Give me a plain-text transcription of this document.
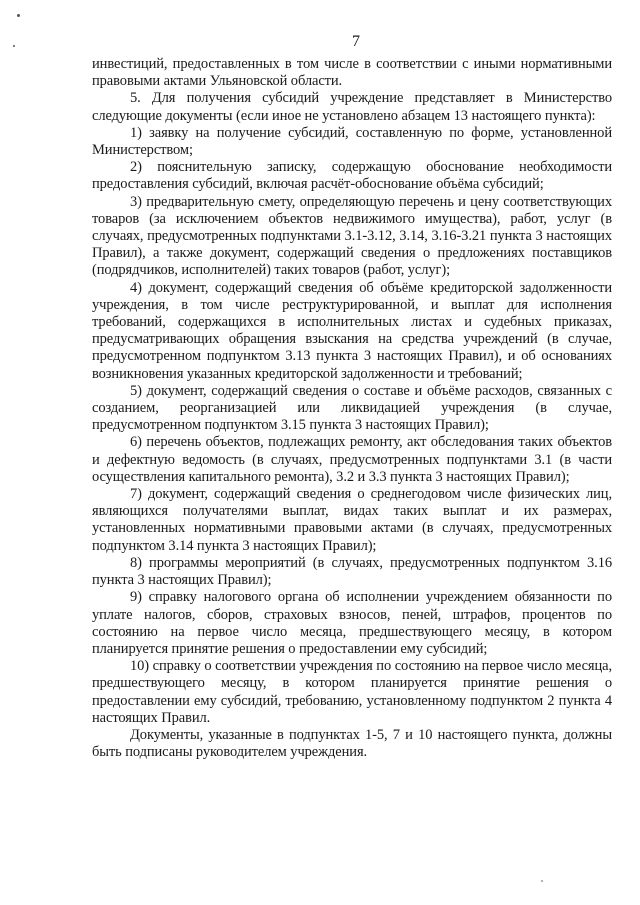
7

инвестиций, предоставленных в том числе в соответствии с иными нормативными правовыми актами Ульяновской области.

5. Для получения субсидий учреждение представляет в Министерство следующие документы (если иное не установлено абзацем 13 настоящего пункта):

1) заявку на получение субсидий, составленную по форме, установленной Министерством;

2) пояснительную записку, содержащую обоснование необходимости предоставления субсидий, включая расчёт-обоснование объёма субсидий;

3) предварительную смету, определяющую перечень и цену соответствующих товаров (за исключением объектов недвижимого имущества), работ, услуг (в случаях, предусмотренных подпунктами 3.1-3.12, 3.14, 3.16-3.21 пункта 3 настоящих Правил), а также документ, содержащий сведения о предложениях поставщиков (подрядчиков, исполнителей) таких товаров (работ, услуг);

4) документ, содержащий сведения об объёме кредиторской задолженности учреждения, в том числе реструктурированной, и выплат для исполнения требований, содержащихся в исполнительных листах и судебных приказах, предусматривающих обращения взыскания на средства учреждений (в случае, предусмотренном подпунктом 3.13 пункта 3 настоящих Правил), и об основаниях возникновения указанных кредиторской задолженности и требований;

5) документ, содержащий сведения о составе и объёме расходов, связанных с созданием, реорганизацией или ликвидацией учреждения (в случае, предусмотренном подпунктом 3.15 пункта 3 настоящих Правил);

6) перечень объектов, подлежащих ремонту, акт обследования таких объектов и дефектную ведомость (в случаях, предусмотренных подпунктами 3.1 (в части осуществления капитального ремонта), 3.2 и 3.3 пункта 3 настоящих Правил);

7) документ, содержащий сведения о среднегодовом числе физических лиц, являющихся получателями выплат, видах таких выплат и их размерах, установленных нормативными правовыми актами (в случаях, предусмотренных подпунктом 3.14 пункта 3 настоящих Правил);

8) программы мероприятий (в случаях, предусмотренных подпунктом 3.16 пункта 3 настоящих Правил);

9) справку налогового органа об исполнении учреждением обязанности по уплате налогов, сборов, страховых взносов, пеней, штрафов, процентов по состоянию на первое число месяца, предшествующего месяцу, в котором планируется принятие решения о предоставлении ему субсидий;

10) справку о соответствии учреждения по состоянию на первое число месяца, предшествующего месяцу, в котором планируется принятие решения о предоставлении ему субсидий, требованию, установленному подпунктом 2 пункта 4 настоящих Правил.

Документы, указанные в подпунктах 1-5, 7 и 10 настоящего пункта, должны быть подписаны руководителем учреждения.
